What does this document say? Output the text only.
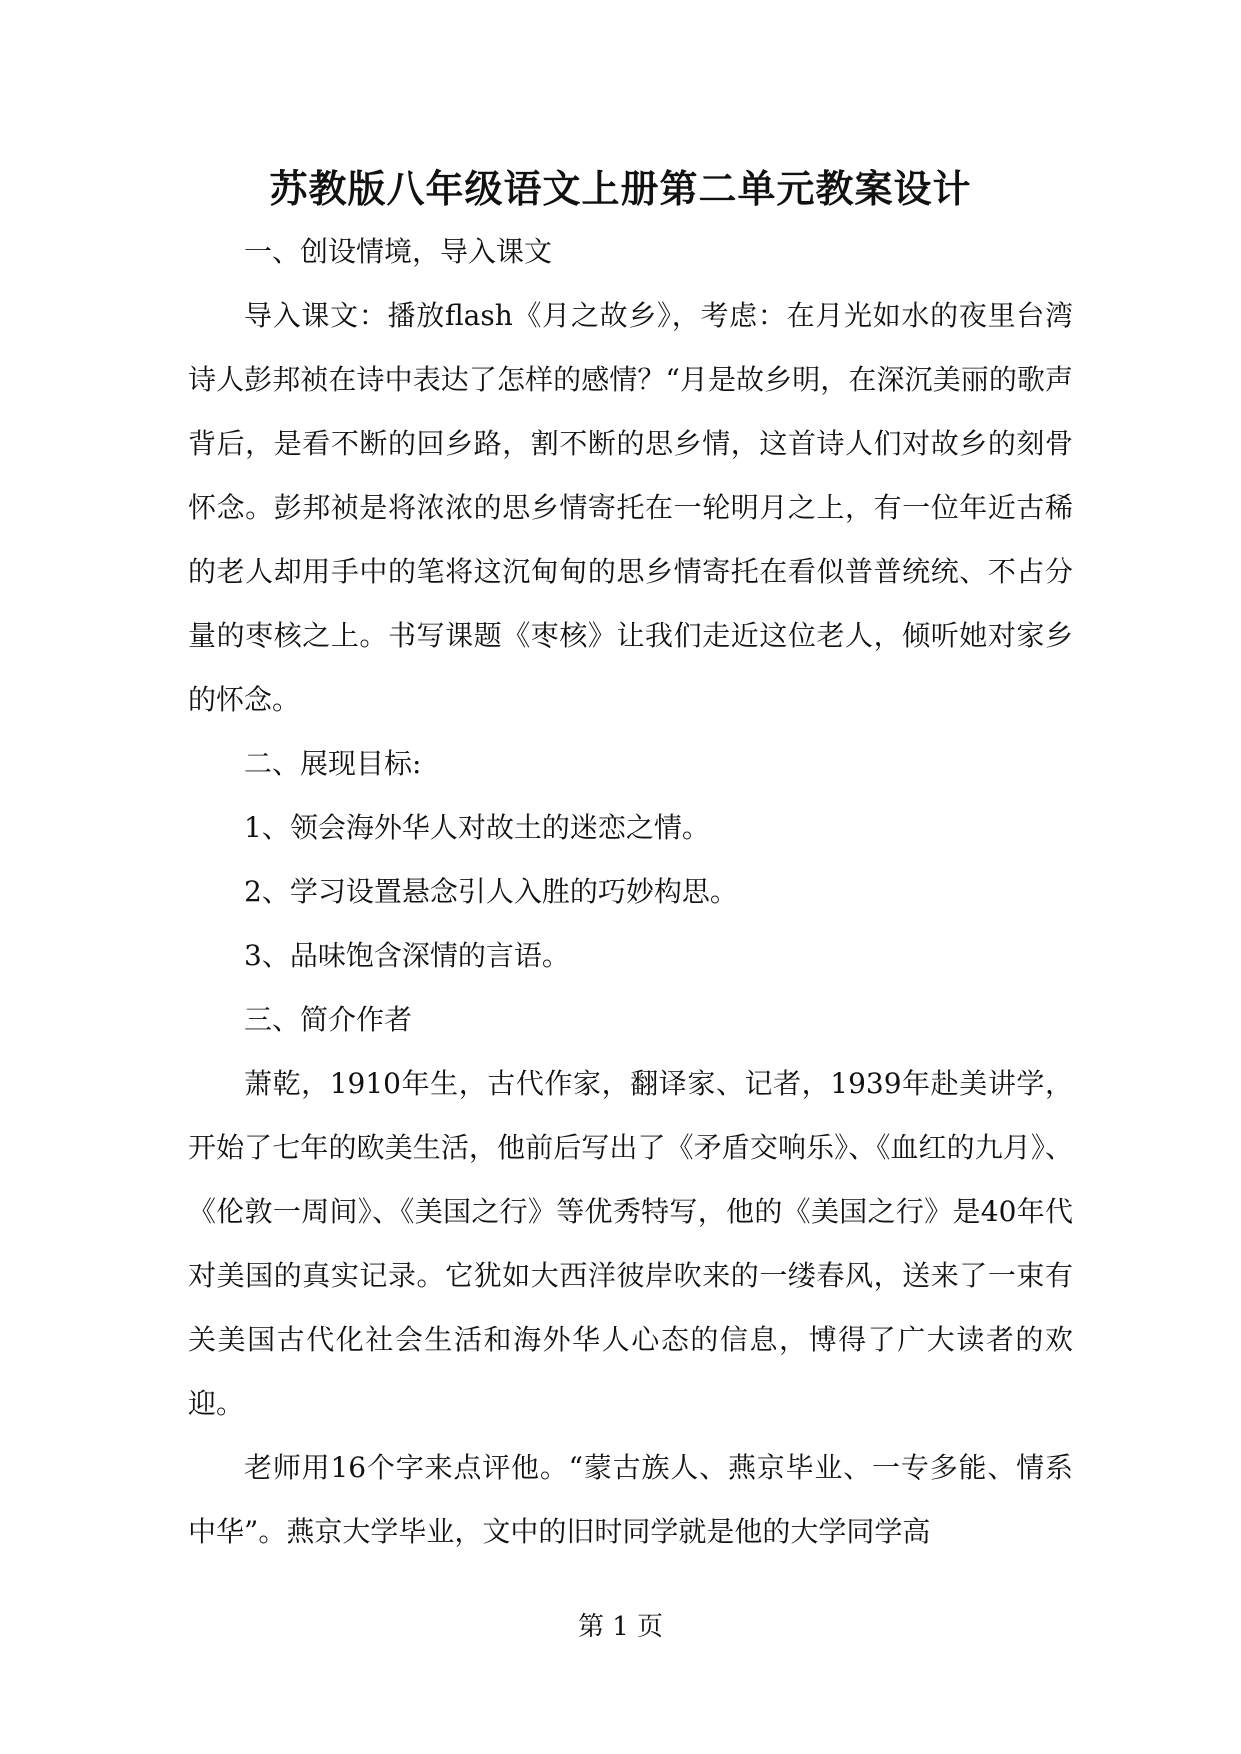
苏教版八年级语文上册第二单元教案设计

一、创设情境，导入课文

导入课文：播放flash《月之故乡》，考虑：在月光如水的夜里台湾诗人彭邦祯在诗中表达了怎样的感情？“月是故乡明，在深沉美丽的歌声背后，是看不断的回乡路，割不断的思乡情，这首诗人们对故乡的刻骨怀念。彭邦祯是将浓浓的思乡情寄托在一轮明月之上，有一位年近古稀的老人却用手中的笔将这沉甸甸的思乡情寄托在看似普普统统、不占分量的枣核之上。书写课题《枣核》让我们走近这位老人，倾听她对家乡的怀念。

二、展现目标:

1、领会海外华人对故土的迷恋之情。

2、学习设置悬念引人入胜的巧妙构思。

3、品味饱含深情的言语。

三、简介作者

萧乾，1910年生，古代作家，翻译家、记者，1939年赴美讲学，开始了七年的欧美生活，他前后写出了《矛盾交响乐》、《血红的九月》、《伦敦一周间》、《美国之行》等优秀特写，他的《美国之行》是40年代对美国的真实记录。它犹如大西洋彼岸吹来的一缕春风，送来了一束有关美国古代化社会生活和海外华人心态的信息，博得了广大读者的欢迎。

老师用16个字来点评他。“蒙古族人、燕京毕业、一专多能、情系中华”。燕京大学毕业，文中的旧时同学就是他的大学同学高

第 1 页
